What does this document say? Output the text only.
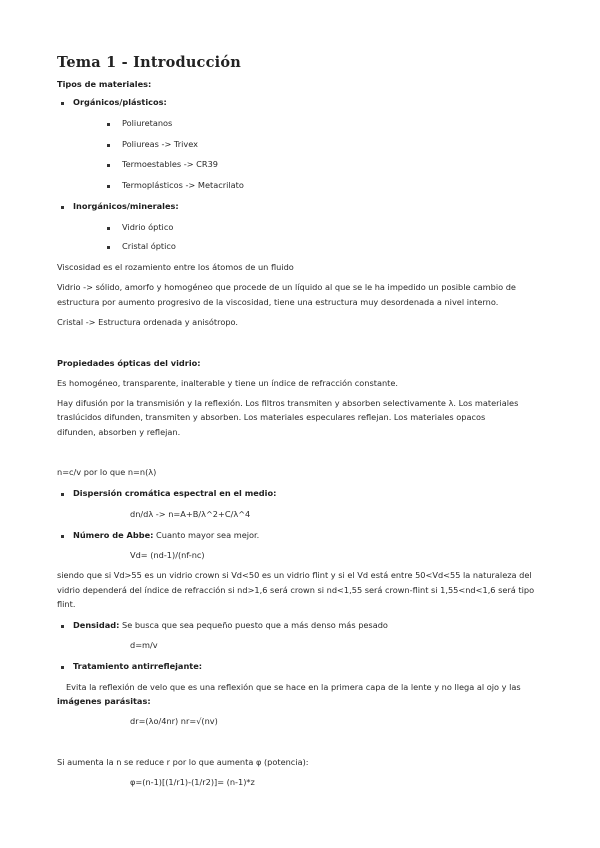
Tema 1 - Introducción
Tipos de materiales:
Orgánicos/plásticos:
Poliuretanos
Poliureas -> Trivex
Termoestables -> CR39
Termoplásticos -> Metacrilato
Inorgánicos/minerales:
Vidrio óptico
Cristal óptico
Viscosidad es el rozamiento entre los átomos de un fluido
Vidrio -> sólido, amorfo y homogéneo que procede de un líquido al que se le ha impedido un posible cambio de
estructura por aumento progresivo de la viscosidad, tiene una estructura muy desordenada a nivel interno.
Cristal -> Estructura ordenada y anisótropo.
Propiedades ópticas del vidrio:
Es homogéneo, transparente, inalterable y tiene un índice de refracción constante.
Hay difusión por la transmisión y la reflexión. Los filtros transmiten y absorben selectivamente λ. Los materiales
traslúcidos difunden, transmiten y absorben. Los materiales especulares reflejan. Los materiales opacos
difunden, absorben y reflejan.
n=c/v por lo que n=n(λ)
Dispersión cromática espectral en el medio:
dn/dλ -> n=A+B/λ^2+C/λ^4
Número de Abbe: Cuanto mayor sea mejor.
Vd= (nd-1)/(nf-nc)
siendo que si Vd>55 es un vidrio crown si Vd<50 es un vidrio flint y si el Vd está entre 50<Vd<55 la naturaleza del
vidrio dependerá del índice de refracción si nd>1,6 será crown si nd<1,55 será crown-flint si 1,55<nd<1,6 será tipo
flint.
Densidad: Se busca que sea pequeño puesto que a más denso más pesado
d=m/v
Tratamiento antirreflejante:
Evita la reflexión de velo que es una reflexión que se hace en la primera capa de la lente y no llega al ojo y las
imágenes parásitas:
dr=(λo/4nr) nr=√(nv)
Si aumenta la n se reduce r por lo que aumenta φ (potencia):
φ=(n-1)[(1/r1)-(1/r2)]= (n-1)*z
